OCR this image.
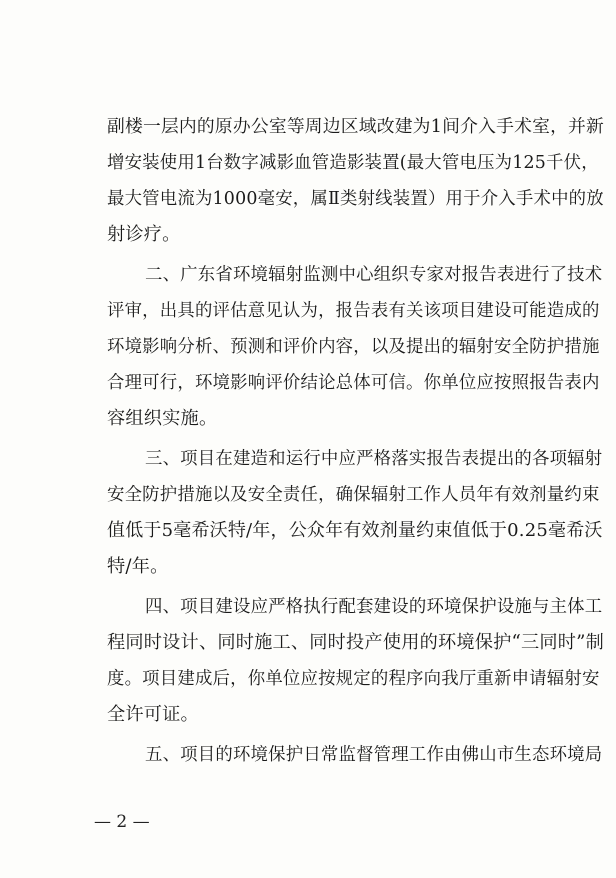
副楼一层内的原办公室等周边区域改建为1间介入手术室，并新

增安装使用1台数字减影血管造影装置(最大管电压为125千伏，

最大管电流为1000毫安，属Ⅱ类射线装置）用于介入手术中的放

射诊疗。

二、广东省环境辐射监测中心组织专家对报告表进行了技术

评审，出具的评估意见认为，报告表有关该项目建设可能造成的

环境影响分析、预测和评价内容，以及提出的辐射安全防护措施

合理可行，环境影响评价结论总体可信。你单位应按照报告表内

容组织实施。

三、项目在建造和运行中应严格落实报告表提出的各项辐射

安全防护措施以及安全责任，确保辐射工作人员年有效剂量约束

值低于5毫希沃特/年，公众年有效剂量约束值低于0.25毫希沃

特/年。

四、项目建设应严格执行配套建设的环境保护设施与主体工

程同时设计、同时施工、同时投产使用的环境保护“三同时”制

度。项目建成后，你单位应按规定的程序向我厅重新申请辐射安

全许可证。

五、项目的环境保护日常监督管理工作由佛山市生态环境局

— 2 —
